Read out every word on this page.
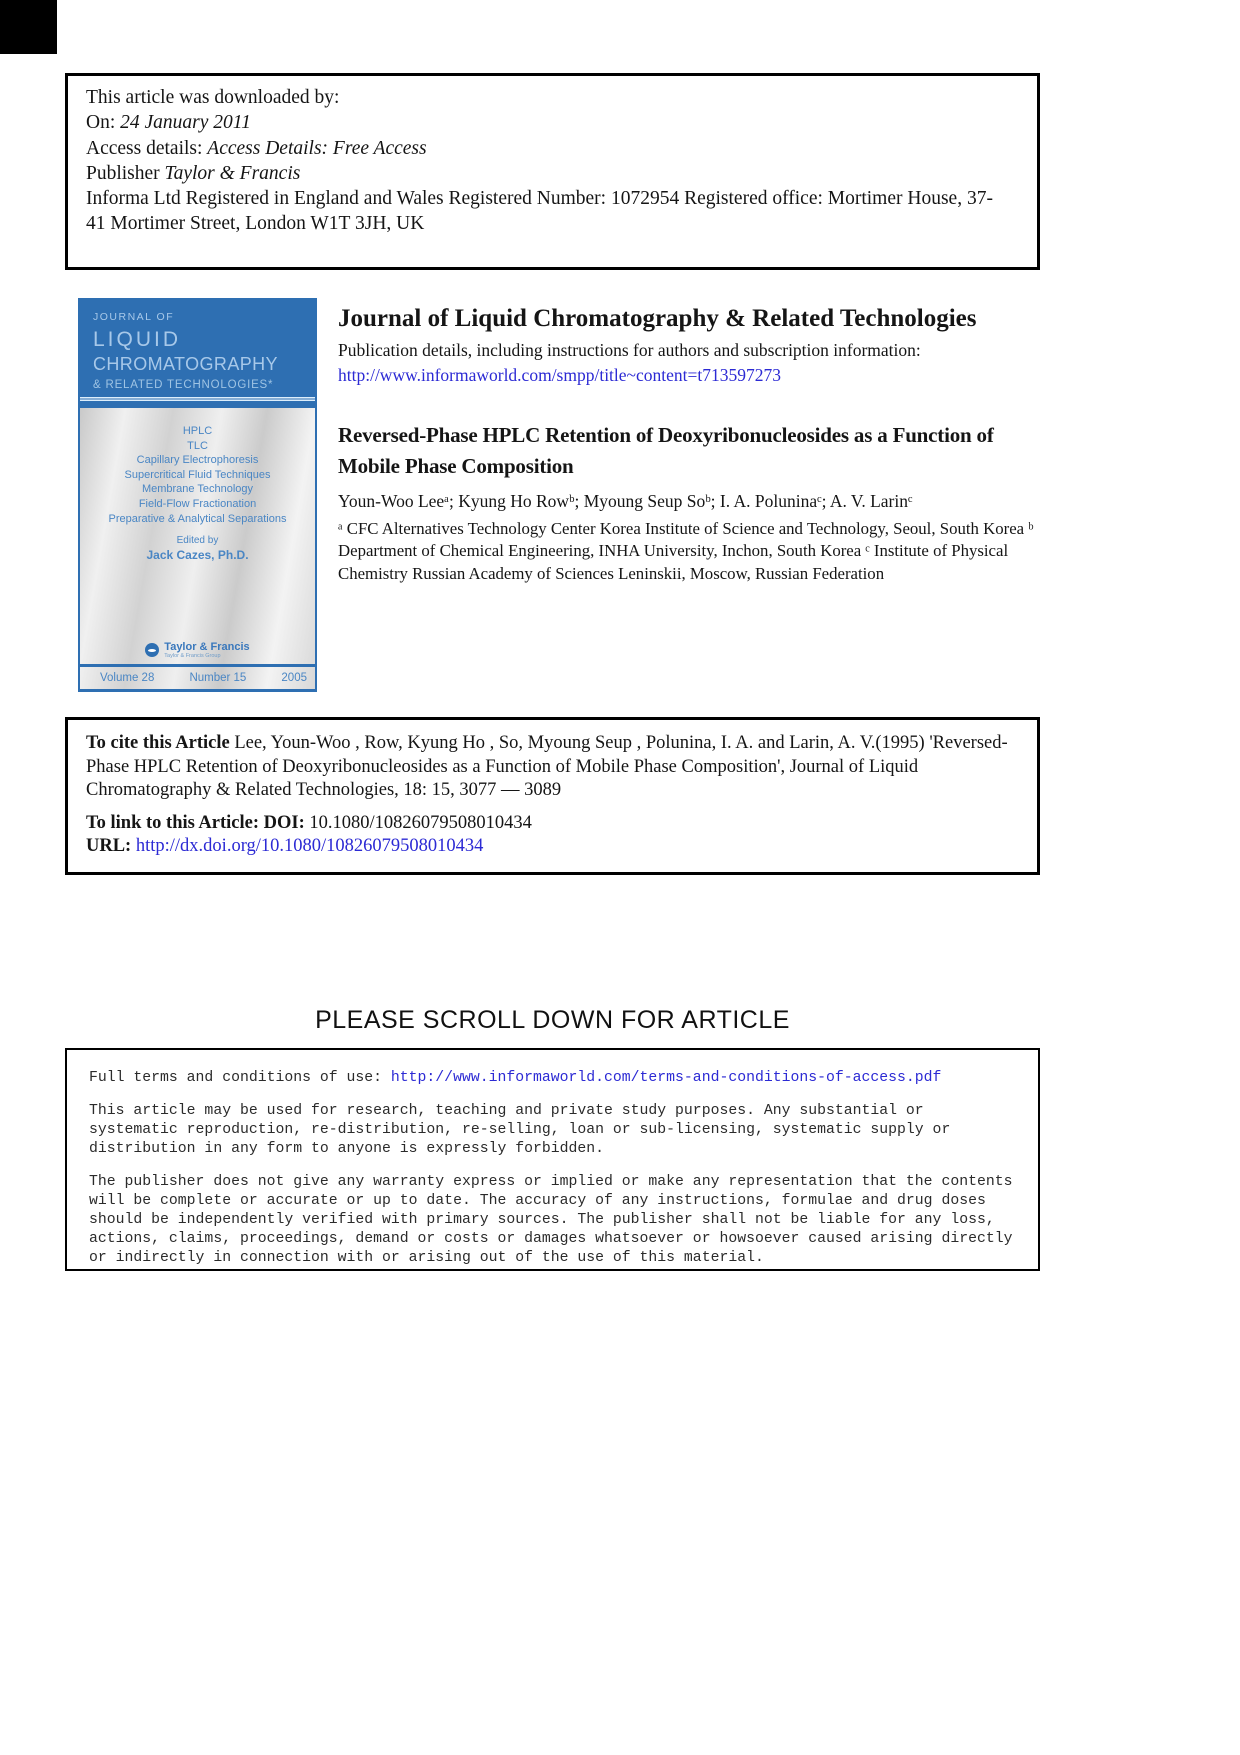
This article was downloaded by:
On: 24 January 2011
Access details: Access Details: Free Access
Publisher Taylor & Francis
Informa Ltd Registered in England and Wales Registered Number: 1072954 Registered office: Mortimer House, 37-
41 Mortimer Street, London W1T 3JH, UK
JOURNAL OF
LIQUID
CHROMATOGRAPHY
& RELATED TECHNOLOGIES*
HPLC
TLC
Capillary Electrophoresis
Supercritical Fluid Techniques
Membrane Technology
Field-Flow Fractionation
Preparative & Analytical Separations
Edited by
Jack Cazes, Ph.D.
Taylor & Francis
Taylor & Francis Group
Volume 28	Number 15	2005
Journal of Liquid Chromatography & Related Technologies
Publication details, including instructions for authors and subscription information:
http://www.informaworld.com/smpp/title~content=t713597273
Reversed-Phase HPLC Retention of Deoxyribonucleosides as a Function of
Mobile Phase Composition
Youn-Woo Leeᵃ; Kyung Ho Rowᵇ; Myoung Seup Soᵇ; I. A. Poluninaᶜ; A. V. Larinᶜ
ᵃ CFC Alternatives Technology Center Korea Institute of Science and Technology, Seoul, South Korea ᵇ
Department of Chemical Engineering, INHA University, Inchon, South Korea ᶜ Institute of Physical
Chemistry Russian Academy of Sciences Leninskii, Moscow, Russian Federation
To cite this Article Lee, Youn-Woo , Row, Kyung Ho , So, Myoung Seup , Polunina, I. A. and Larin, A. V.(1995) 'Reversed-
Phase HPLC Retention of Deoxyribonucleosides as a Function of Mobile Phase Composition', Journal of Liquid
Chromatography & Related Technologies, 18: 15, 3077 — 3089
To link to this Article: DOI: 10.1080/10826079508010434
URL: http://dx.doi.org/10.1080/10826079508010434
PLEASE SCROLL DOWN FOR ARTICLE
Full terms and conditions of use: http://www.informaworld.com/terms-and-conditions-of-access.pdf
This article may be used for research, teaching and private study purposes. Any substantial or
systematic reproduction, re-distribution, re-selling, loan or sub-licensing, systematic supply or
distribution in any form to anyone is expressly forbidden.
The publisher does not give any warranty express or implied or make any representation that the contents
will be complete or accurate or up to date. The accuracy of any instructions, formulae and drug doses
should be independently verified with primary sources. The publisher shall not be liable for any loss,
actions, claims, proceedings, demand or costs or damages whatsoever or howsoever caused arising directly
or indirectly in connection with or arising out of the use of this material.
